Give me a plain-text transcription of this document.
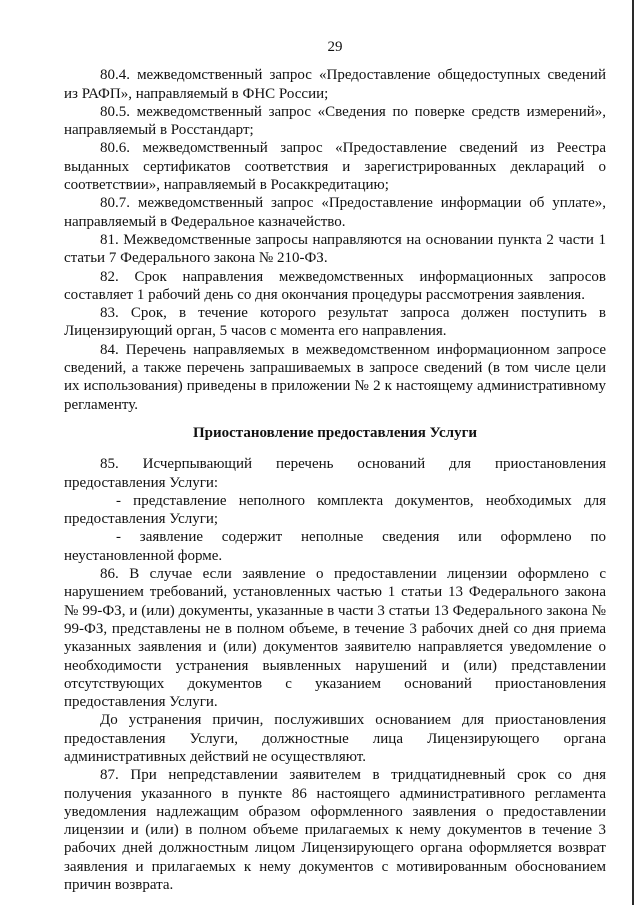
29

80.4. межведомственный запрос «Предоставление общедоступных сведений из РАФП», направляемый в ФНС России;

80.5. межведомственный запрос «Сведения по поверке средств измерений», направляемый в Росстандарт;

80.6. межведомственный запрос «Предоставление сведений из Реестра выданных сертификатов соответствия и зарегистрированных деклараций о соответствии», направляемый в Росаккредитацию;

80.7. межведомственный запрос «Предоставление информации об уплате», направляемый в Федеральное казначейство.

81. Межведомственные запросы направляются на основании пункта 2 части 1 статьи 7 Федерального закона № 210-ФЗ.

82. Срок направления межведомственных информационных запросов составляет 1 рабочий день со дня окончания процедуры рассмотрения заявления.

83. Срок, в течение которого результат запроса должен поступить в Лицензирующий орган, 5 часов с момента его направления.

84. Перечень направляемых в межведомственном информационном запросе сведений, а также перечень запрашиваемых в запросе сведений (в том числе цели их использования) приведены в приложении № 2 к настоящему административному регламенту.

Приостановление предоставления Услуги

85. Исчерпывающий перечень оснований для приостановления предоставления Услуги:

- представление неполного комплекта документов, необходимых для предоставления Услуги;

- заявление содержит неполные сведения или оформлено по неустановленной форме.

86. В случае если заявление о предоставлении лицензии оформлено с нарушением требований, установленных частью 1 статьи 13 Федерального закона № 99-ФЗ, и (или) документы, указанные в части 3 статьи 13 Федерального закона № 99-ФЗ, представлены не в полном объеме, в течение 3 рабочих дней со дня приема указанных заявления и (или) документов заявителю направляется уведомление о необходимости устранения выявленных нарушений и (или) представлении отсутствующих документов с указанием оснований приостановления предоставления Услуги.

До устранения причин, послуживших основанием для приостановления предоставления Услуги, должностные лица Лицензирующего органа административных действий не осуществляют.

87. При непредставлении заявителем в тридцатидневный срок со дня получения указанного в пункте 86 настоящего административного регламента уведомления надлежащим образом оформленного заявления о предоставлении лицензии и (или) в полном объеме прилагаемых к нему документов в течение 3 рабочих дней должностным лицом Лицензирующего органа оформляется возврат заявления и прилагаемых к нему документов с мотивированным обоснованием причин возврата.
